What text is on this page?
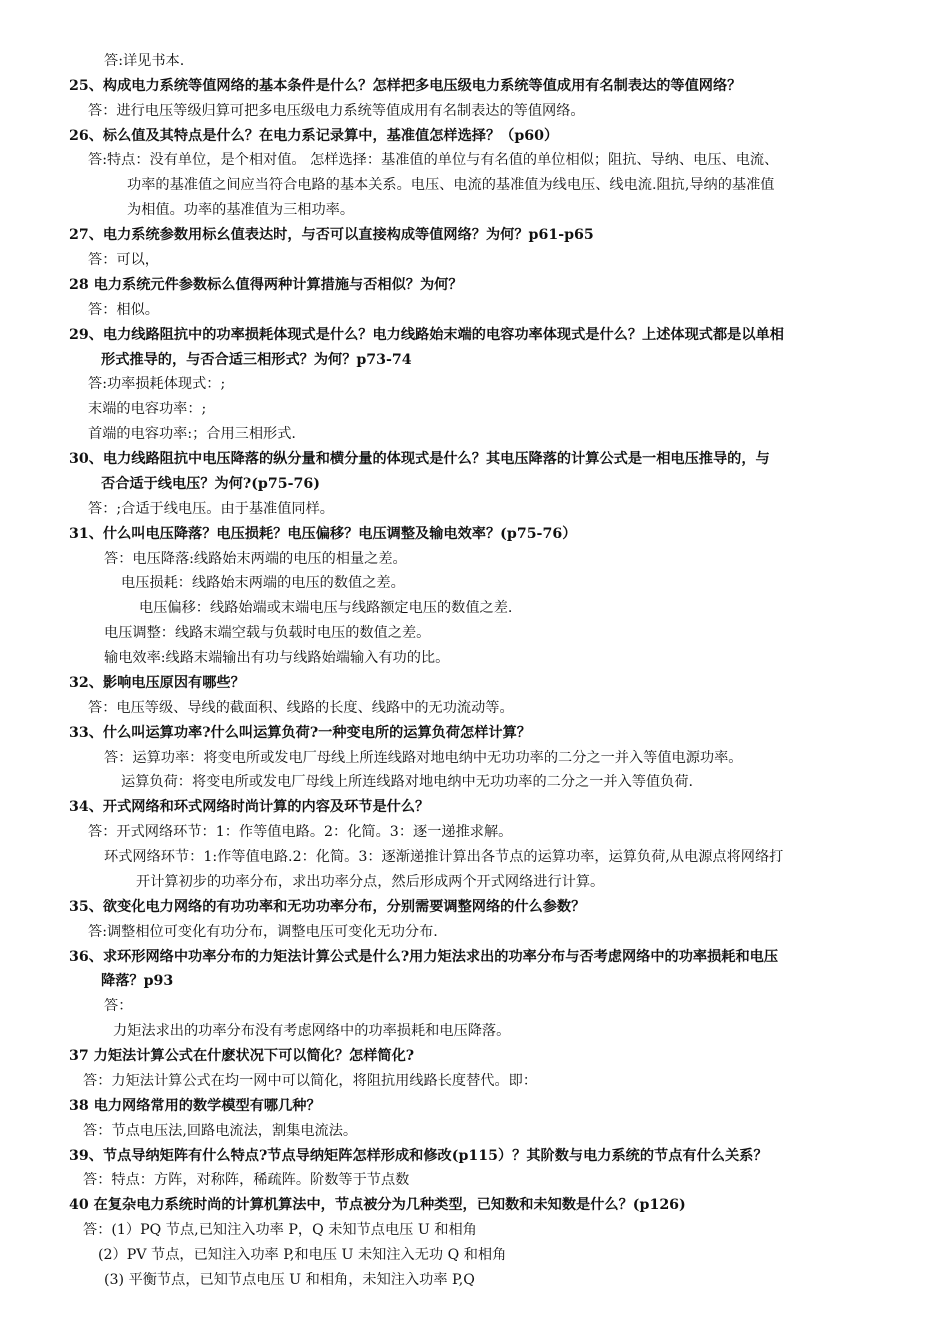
答:详见书本.
25、构成电力系统等值网络的基本条件是什么？怎样把多电压级电力系统等值成用有名制表达的等值网络？
答：进行电压等级归算可把多电压级电力系统等值成用有名制表达的等值网络。
26、标么值及其特点是什么？在电力系记录算中，基准值怎样选择？（p60）
答:特点：没有单位，是个相对值。 怎样选择：基准值的单位与有名值的单位相似；阻抗、导纳、电压、电流、
功率的基准值之间应当符合电路的基本关系。电压、电流的基准值为线电压、线电流.阻抗,导纳的基准值
为相值。功率的基准值为三相功率。
27、电力系统参数用标幺值表达时，与否可以直接构成等值网络？为何？p61-p65
答：可以，
28 电力系统元件参数标么值得两种计算措施与否相似？为何？
答：相似。
29、电力线路阻抗中的功率损耗体现式是什么？电力线路始末端的电容功率体现式是什么？上述体现式都是以单相
形式推导的，与否合适三相形式？为何？p73-74
答:功率损耗体现式：;
末端的电容功率：;
首端的电容功率:；合用三相形式.
30、电力线路阻抗中电压降落的纵分量和横分量的体现式是什么？其电压降落的计算公式是一相电压推导的，与
否合适于线电压？为何?(p75-76)
答：;合适于线电压。由于基准值同样。
31、什么叫电压降落？电压损耗？电压偏移？电压调整及输电效率？(p75-76）
答：电压降落:线路始末两端的电压的相量之差。
电压损耗：线路始末两端的电压的数值之差。
电压偏移：线路始端或末端电压与线路额定电压的数值之差.
电压调整：线路末端空载与负载时电压的数值之差。
输电效率:线路末端输出有功与线路始端输入有功的比。
32、影响电压原因有哪些？
答：电压等级、导线的截面积、线路的长度、线路中的无功流动等。
33、什么叫运算功率?什么叫运算负荷?一种变电所的运算负荷怎样计算？
答：运算功率：将变电所或发电厂母线上所连线路对地电纳中无功功率的二分之一并入等值电源功率。
运算负荷：将变电所或发电厂母线上所连线路对地电纳中无功功率的二分之一并入等值负荷.
34、开式网络和环式网络时尚计算的内容及环节是什么？
答：开式网络环节：1：作等值电路。2：化简。3：逐一递推求解。
环式网络环节：1:作等值电路.2：化简。3：逐渐递推计算出各节点的运算功率，运算负荷,从电源点将网络打
开计算初步的功率分布，求出功率分点，然后形成两个开式网络进行计算。
35、欲变化电力网络的有功功率和无功功率分布，分别需要调整网络的什么参数？
答:调整相位可变化有功分布，调整电压可变化无功分布.
36、求环形网络中功率分布的力矩法计算公式是什么?用力矩法求出的功率分布与否考虑网络中的功率损耗和电压
降落？p93
答：
力矩法求出的功率分布没有考虑网络中的功率损耗和电压降落。
37 力矩法计算公式在什麽状况下可以简化？怎样简化?
答：力矩法计算公式在均一网中可以简化，将阻抗用线路长度替代。即：
38 电力网络常用的数学模型有哪几种？
答：节点电压法,回路电流法，割集电流法。
39、节点导纳矩阵有什么特点?节点导纳矩阵怎样形成和修改(p115）？其阶数与电力系统的节点有什么关系？
答：特点：方阵，对称阵，稀疏阵。阶数等于节点数
40 在复杂电力系统时尚的计算机算法中，节点被分为几种类型，已知数和未知数是什么？(p126)
答：(1）PQ 节点,已知注入功率 P，Q 未知节点电压 U 和相角
(2）PV 节点，已知注入功率 P,和电压 U 未知注入无功 Q 和相角
(3) 平衡节点，已知节点电压 U 和相角，未知注入功率 P,Q
